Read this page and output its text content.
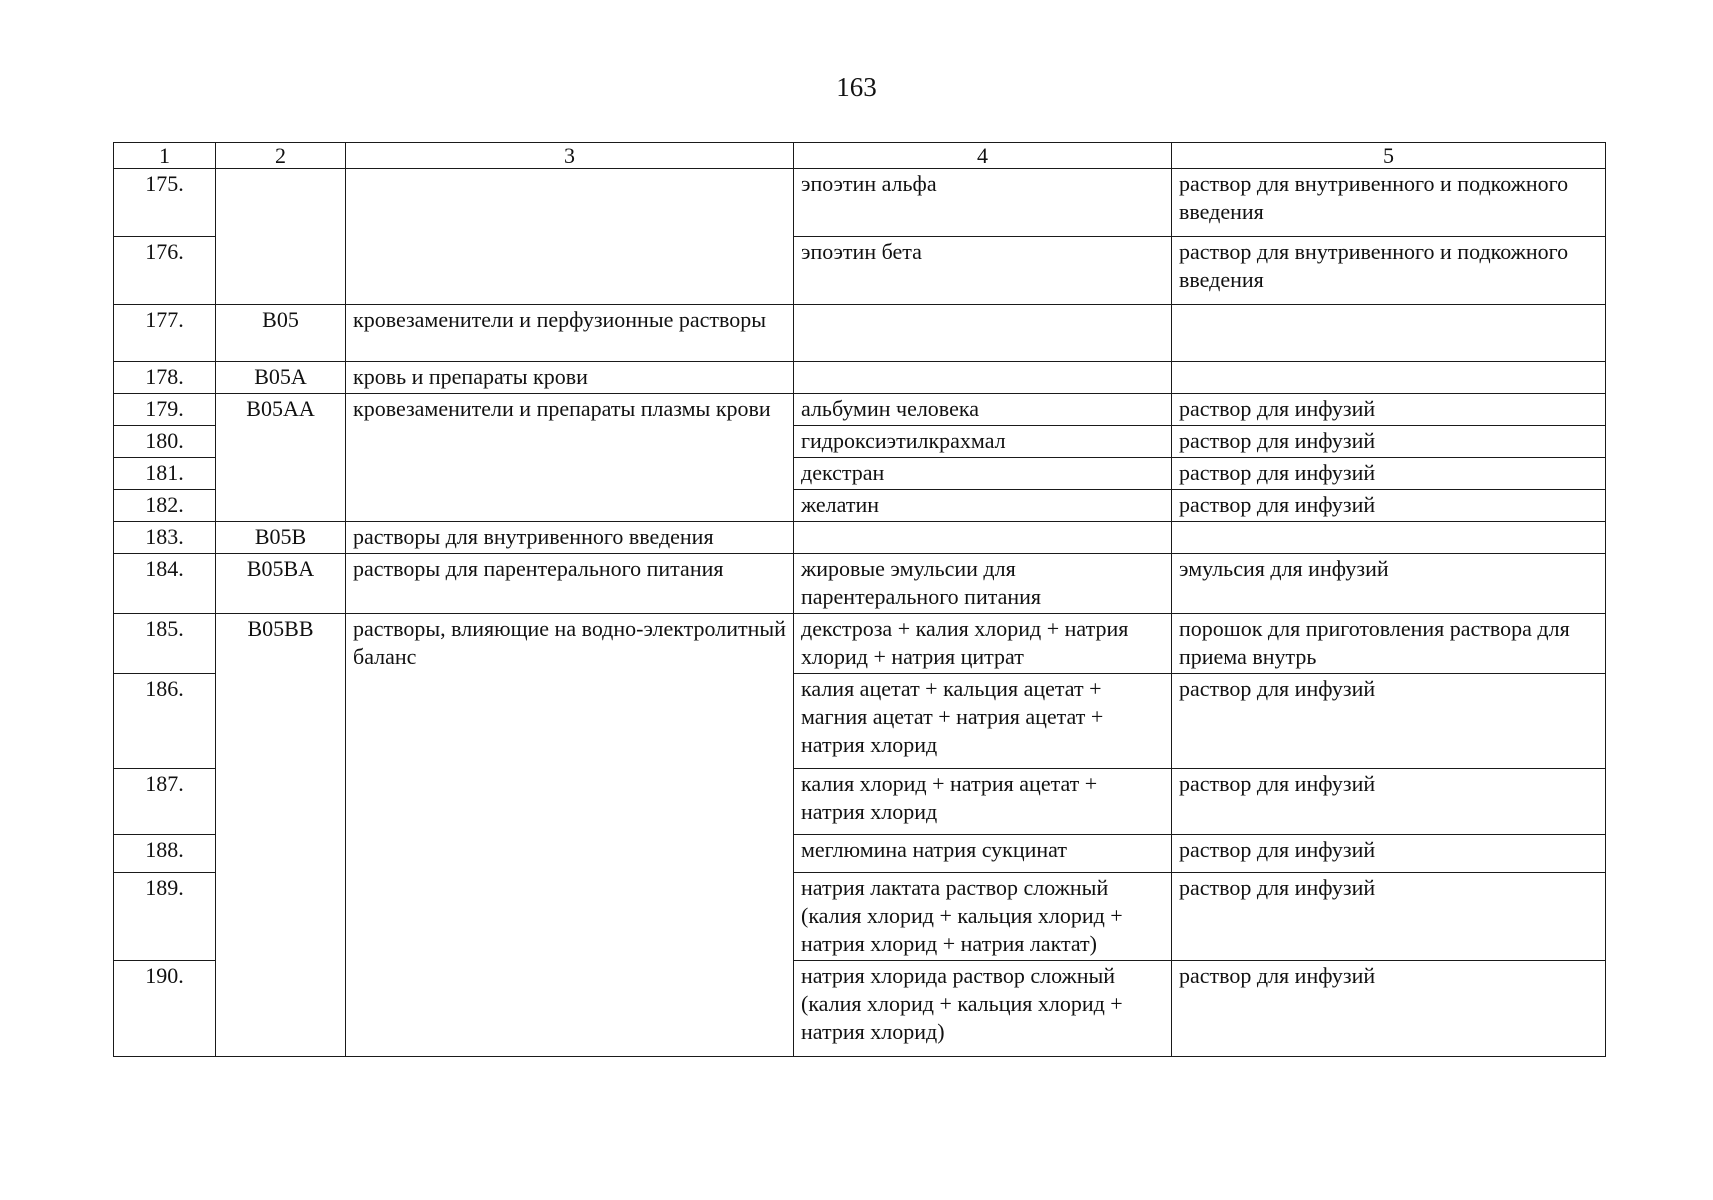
163
1	2	3	4	5
175.			эпоэтин альфа	раствор для внутривенного и подкожного введения
176.			эпоэтин бета	раствор для внутривенного и подкожного введения
177.	B05	кровезаменители и перфузионные растворы		
178.	B05A	кровь и препараты крови		
179.	B05AA	кровезаменители и препараты плазмы крови	альбумин человека	раствор для инфузий
180.			гидроксиэтилкрахмал	раствор для инфузий
181.			декстран	раствор для инфузий
182.			желатин	раствор для инфузий
183.	B05B	растворы для внутривенного введения		
184.	B05BA	растворы для парентерального питания	жировые эмульсии для парентерального питания	эмульсия для инфузий
185.	B05BB	растворы, влияющие на водно-электролитный баланс	декстроза + калия хлорид + натрия хлорид + натрия цитрат	порошок для приготовления раствора для приема внутрь
186.			калия ацетат + кальция ацетат + магния ацетат + натрия ацетат + натрия хлорид	раствор для инфузий
187.			калия хлорид + натрия ацетат + натрия хлорид	раствор для инфузий
188.			меглюмина натрия сукцинат	раствор для инфузий
189.			натрия лактата раствор сложный (калия хлорид + кальция хлорид + натрия хлорид + натрия лактат)	раствор для инфузий
190.			натрия хлорида раствор сложный (калия хлорид + кальция хлорид + натрия хлорид)	раствор для инфузий
